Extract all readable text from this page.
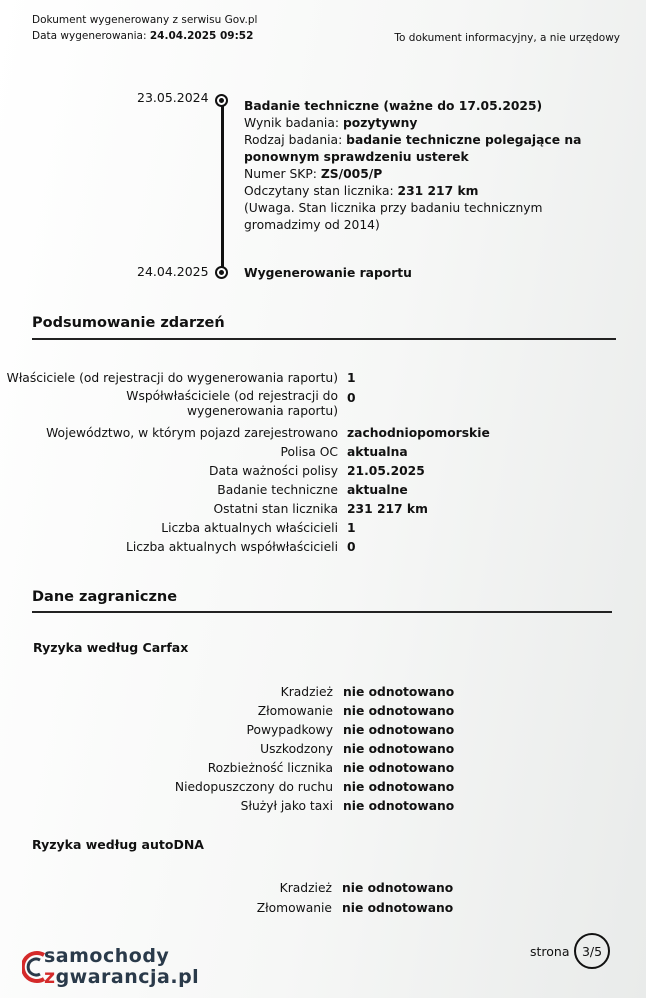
Dokument wygenerowany z serwisu Gov.pl
Data wygenerowania: 24.04.2025 09:52	To dokument informacyjny, a nie urzędowy
23.05.2024
Badanie techniczne (ważne do 17.05.2025)
Wynik badania: pozytywny
Rodzaj badania: badanie techniczne polegające na ponownym sprawdzeniu usterek
Numer SKP: ZS/005/P
Odczytany stan licznika: 231 217 km
(Uwaga. Stan licznika przy badaniu technicznym gromadzimy od 2014)
24.04.2025	Wygenerowanie raportu
Podsumowanie zdarzeń
Właściciele (od rejestracji do wygenerowania raportu) 1
Współwłaściciele (od rejestracji do wygenerowania raportu)
0
Województwo, w którym pojazd zarejestrowano zachodniopomorskie
Polisa OC aktualna
Data ważności polisy 21.05.2025
Badanie techniczne aktualne
Ostatni stan licznika 231 217 km
Liczba aktualnych właścicieli 1
Liczba aktualnych współwłaścicieli 0
Dane zagraniczne
Ryzyka według Carfax
Kradzież nie odnotowano
Złomowanie nie odnotowano
Powypadkowy nie odnotowano
Uszkodzony nie odnotowano
Rozbieżność licznika nie odnotowano
Niedopuszczony do ruchu nie odnotowano
Służył jako taxi nie odnotowano
Ryzyka według autoDNA
Kradzież nie odnotowano
Złomowanie nie odnotowano
samochody
zgwarancja.pl
strona 3/5
